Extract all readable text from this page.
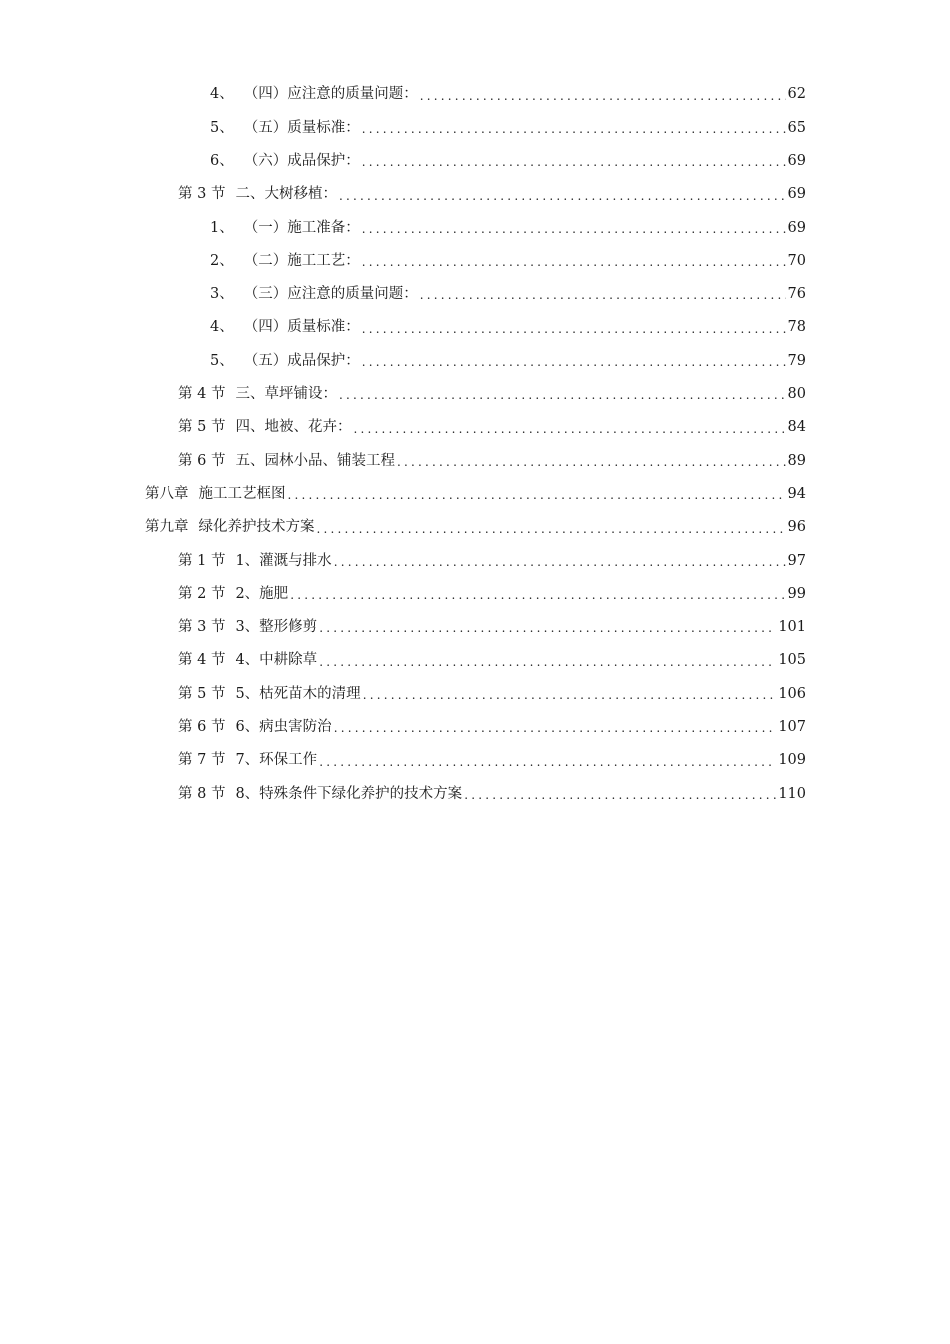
4、 （四）应注意的质量问题： .....	62
5、 （五）质量标准： .....	65
6、 （六）成品保护： .....	69
第 3 节 二、大树移植： .....	69
1、 （一）施工准备： .....	69
2、 （二）施工工艺： .....	70
3、 （三）应注意的质量问题： .....	76
4、 （四）质量标准： .....	78
5、 （五）成品保护： .....	79
第 4 节 三、草坪铺设： .....	80
第 5 节 四、地被、花卉： .....	84
第 6 节 五、园林小品、铺装工程 .....	89
第八章 施工工艺框图 .....	94
第九章 绿化养护技术方案 .....	96
第 1 节 1、灌溉与排水 .....	97
第 2 节 2、施肥 .....	99
第 3 节 3、整形修剪 .....	101
第 4 节 4、中耕除草 .....	105
第 5 节 5、枯死苗木的清理 .....	106
第 6 节 6、病虫害防治 .....	107
第 7 节 7、环保工作 .....	109
第 8 节 8、特殊条件下绿化养护的技术方案 .....	110
